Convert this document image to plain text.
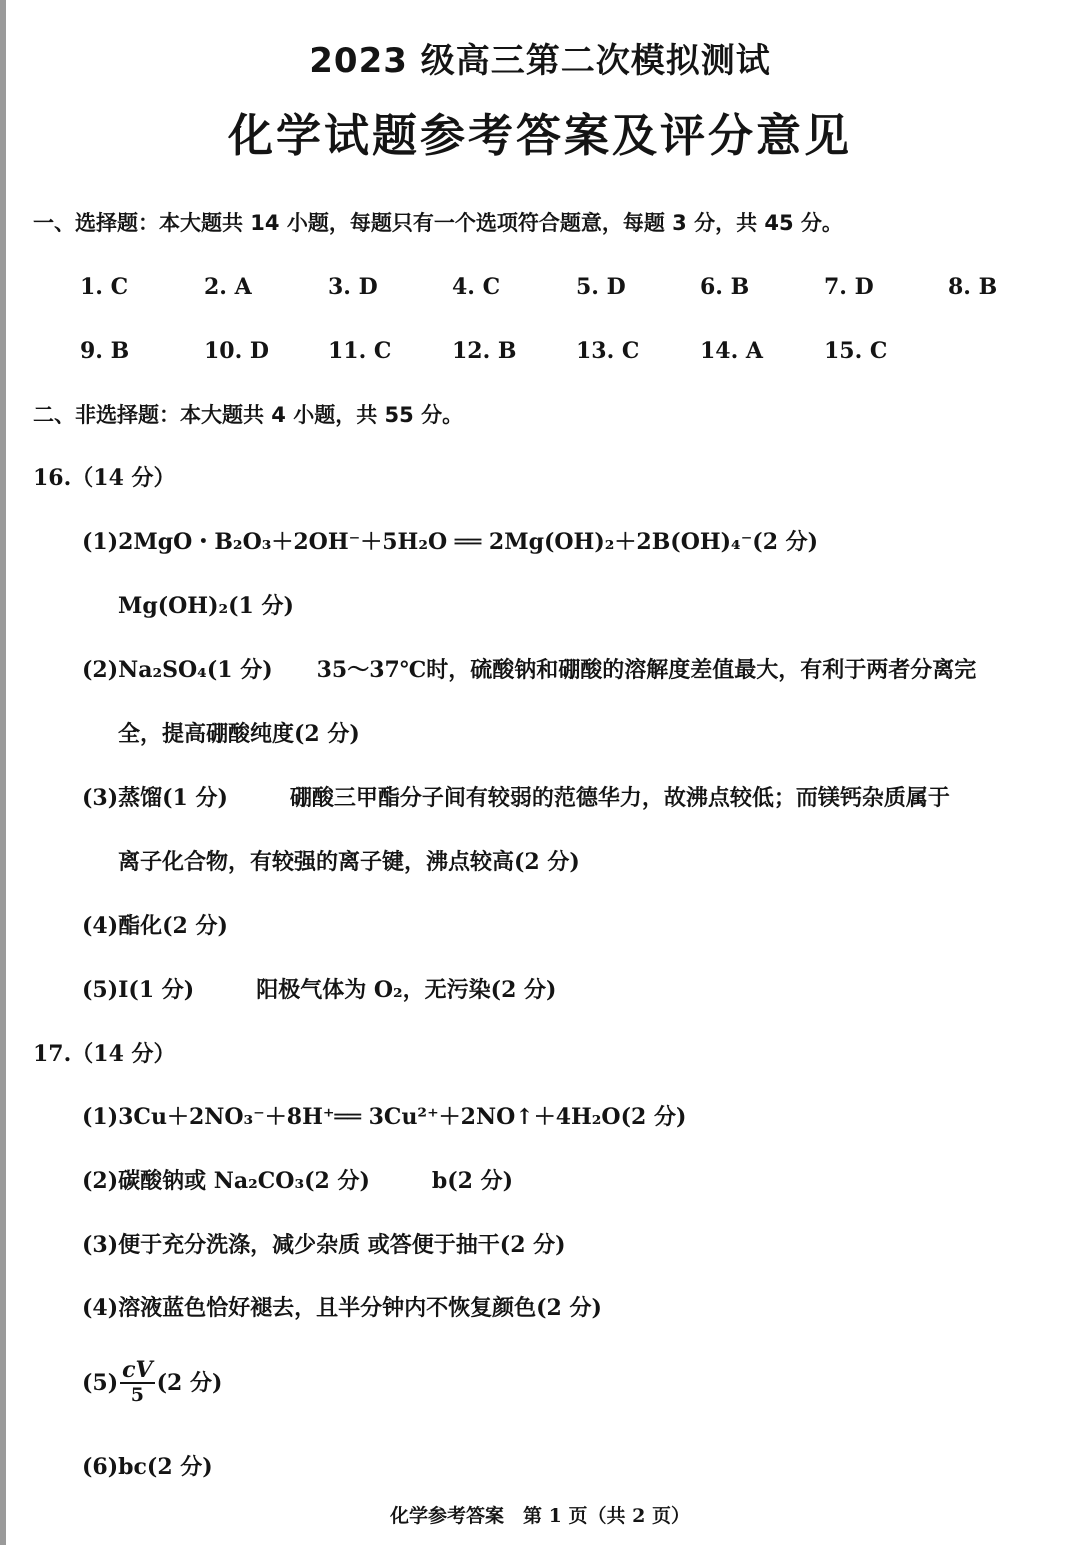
2023 级高三第二次模拟测试
化学试题参考答案及评分意见
一、选择题：本大题共 14 小题，每题只有一个选项符合题意，每题 3 分，共 45 分。
1. C	2. A	3. D	4. C	5. D	6. B	7. D	8. B
9. B	10. D	11. C	12. B	13. C	14. A	15. C
二、非选择题：本大题共 4 小题，共 55 分。
16.（14 分）
(1)2MgO・B₂O₃＋2OH⁻＋5H₂O ══ 2Mg(OH)₂＋2B(OH)₄⁻(2 分)
Mg(OH)₂(1 分)
(2)Na₂SO₄(1 分) 35～37℃时，硫酸钠和硼酸的溶解度差值最大，有利于两者分离完
全，提高硼酸纯度(2 分)
(3)蒸馏(1 分)	硼酸三甲酯分子间有较弱的范德华力，故沸点较低；而镁钙杂质属于
离子化合物，有较强的离子键，沸点较高(2 分)
(4)酯化(2 分)
(5)I(1 分)	阳极气体为 O₂，无污染(2 分)
17.（14 分）
(1)3Cu＋2NO₃⁻＋8H⁺══ 3Cu²⁺＋2NO↑＋4H₂O(2 分)
(2)碳酸钠或 Na₂CO₃(2 分)	b(2 分)
(3)便于充分洗涤，减少杂质 或答便于抽干(2 分)
(4)溶液蓝色恰好褪去，且半分钟内不恢复颜色(2 分)
$(5) \frac{cV}{5} (2$ 分)
(6)bc(2 分)
化学参考答案　第 1 页（共 2 页）
